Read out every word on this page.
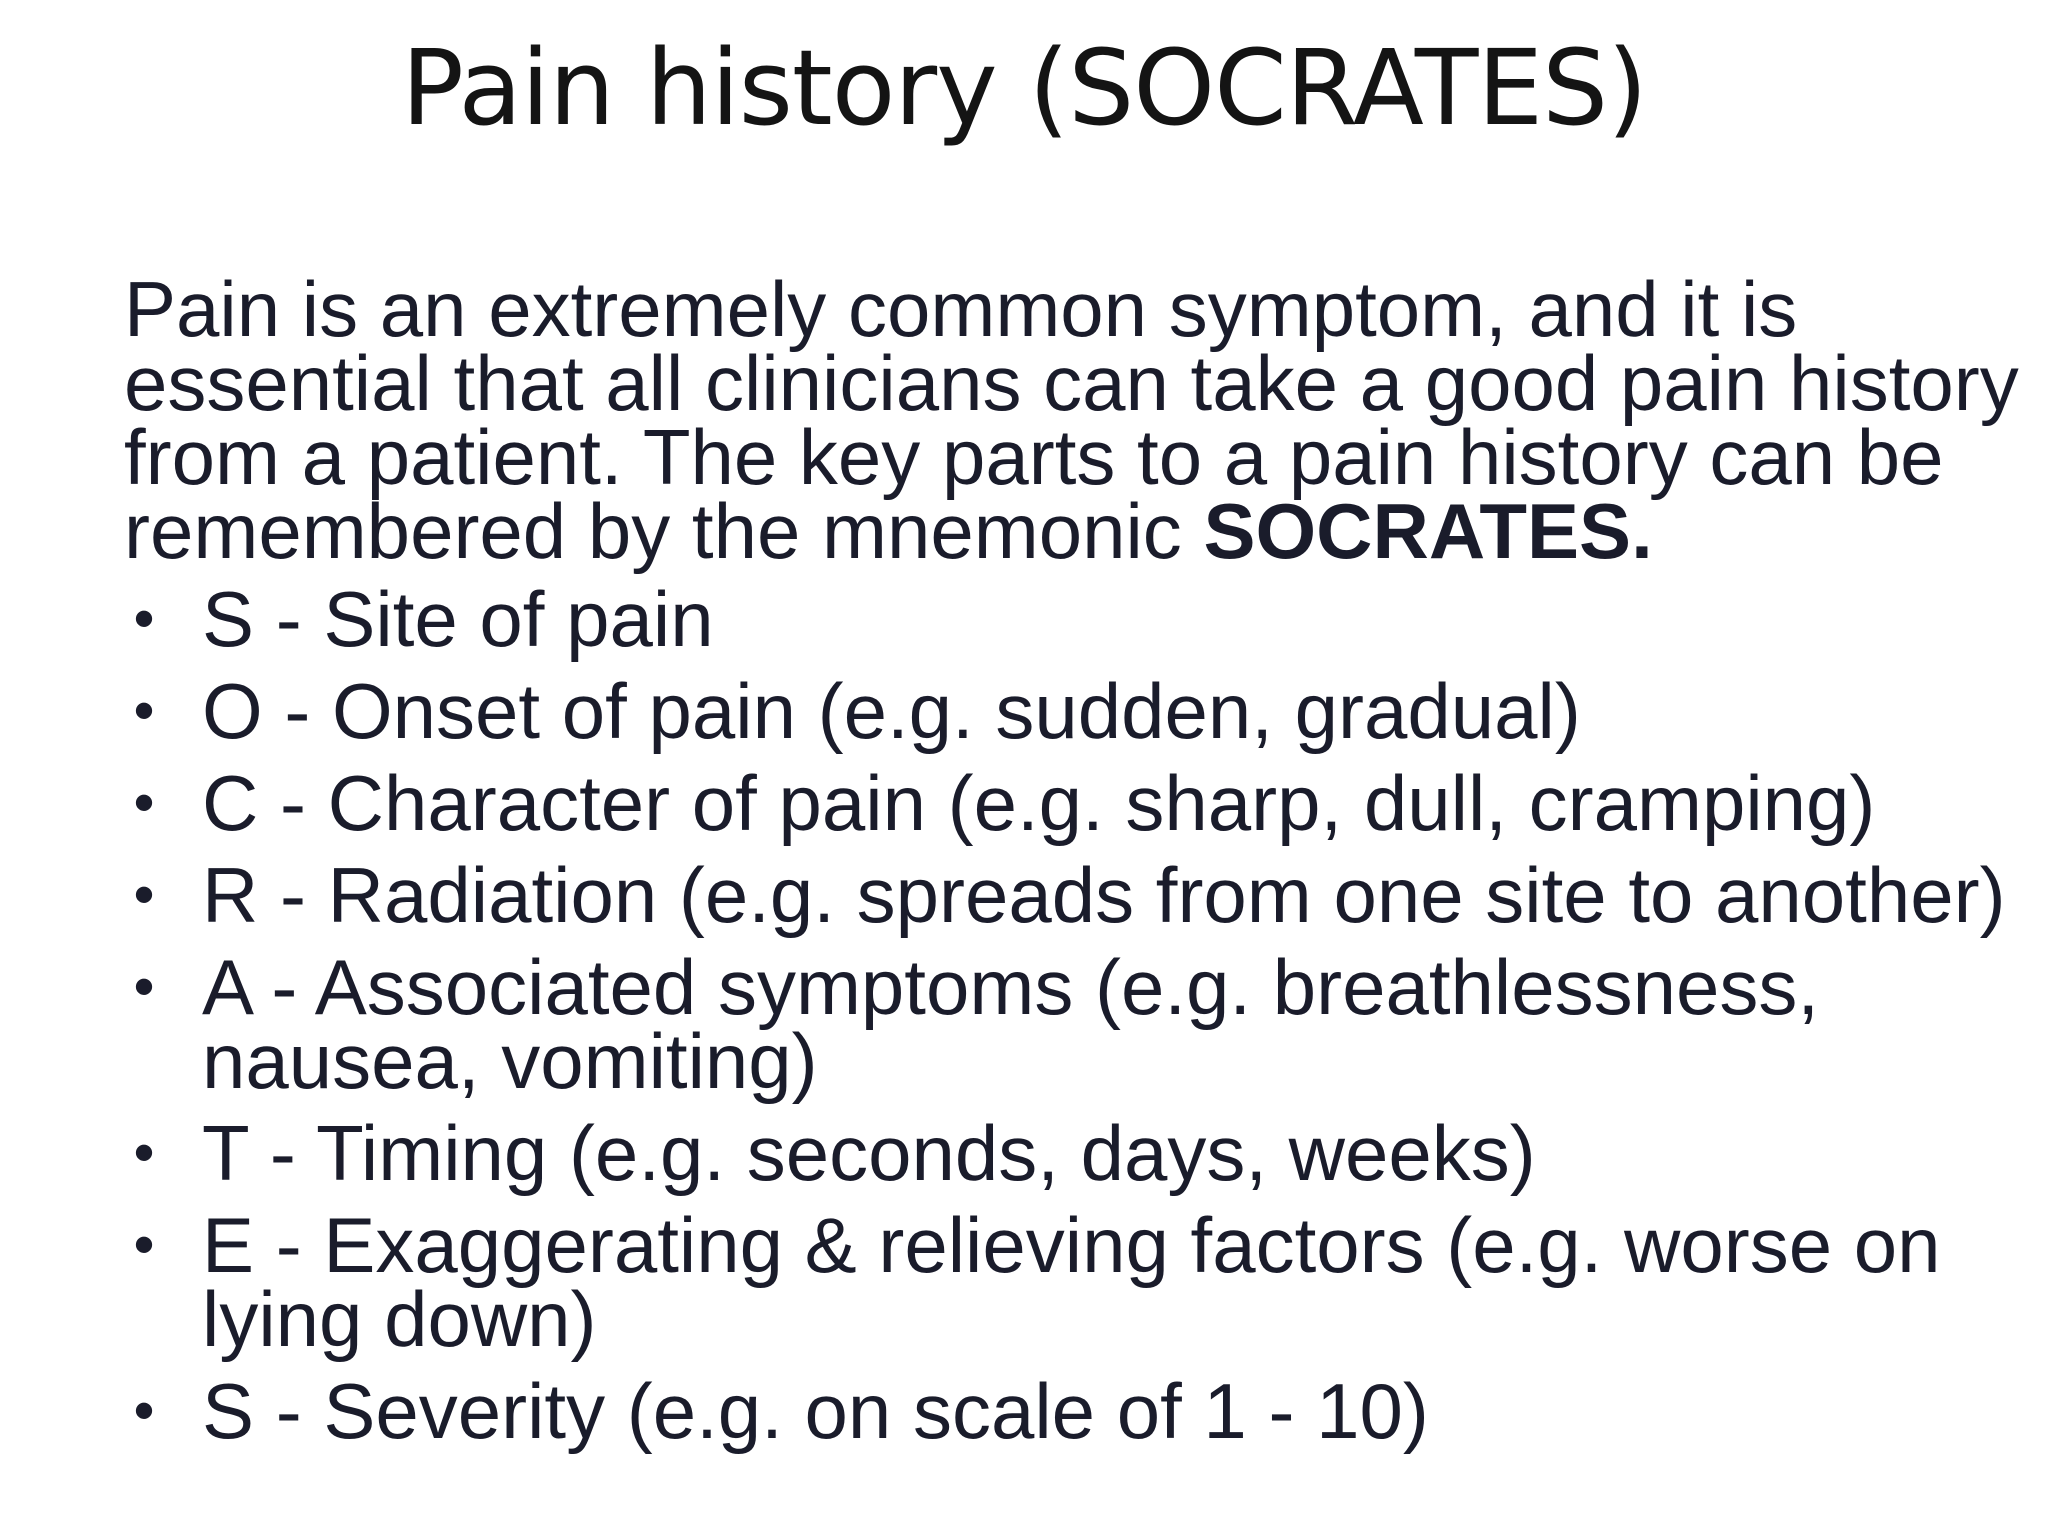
Pain history (SOCRATES)

Pain is an extremely common symptom, and it is
essential that all clinicians can take a good pain history
from a patient. The key parts to a pain history can be
remembered by the mnemonic SOCRATES.

• S - Site of pain
• O - Onset of pain (e.g. sudden, gradual)
• C - Character of pain (e.g. sharp, dull, cramping)
• R - Radiation (e.g. spreads from one site to another)
• A - Associated symptoms (e.g. breathlessness,
nausea, vomiting)
• T - Timing (e.g. seconds, days, weeks)
• E - Exaggerating & relieving factors (e.g. worse on
lying down)
• S - Severity (e.g. on scale of 1 - 10)
